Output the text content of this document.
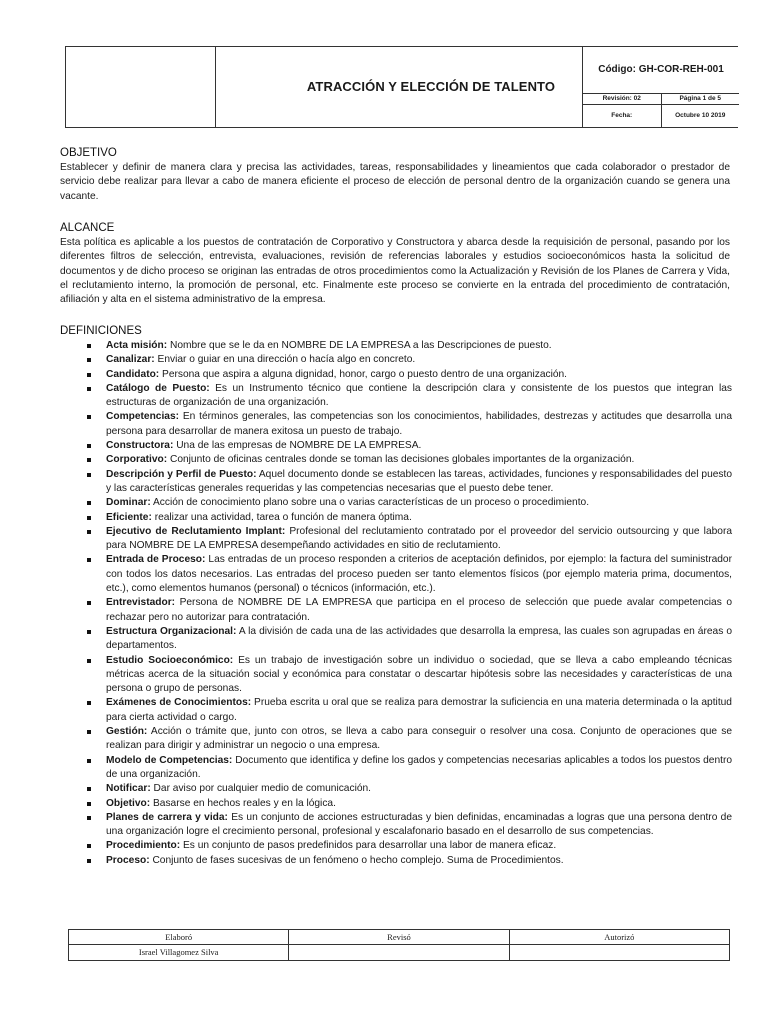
ATRACCIÓN Y ELECCIÓN DE TALENTO
Código: GH-COR-REH-001
Revisión: 02	Página 1 de 5
Fecha:	Octubre 10 2019
OBJETIVO
Establecer y definir de manera clara y precisa las actividades, tareas, responsabilidades y lineamientos que cada colaborador o prestador de servicio debe realizar para llevar a cabo de manera eficiente el proceso de elección de personal dentro de la organización cuando se genera una vacante.
ALCANCE
Esta política es aplicable a los puestos de contratación de Corporativo y Constructora y abarca desde la requisición de personal, pasando por los diferentes filtros de selección, entrevista, evaluaciones, revisión de referencias laborales y estudios socioeconómicos hasta la solicitud de documentos y de dicho proceso se originan las entradas de otros procedimientos como la Actualización y Revisión de los Planes de Carrera y Vida, el reclutamiento interno, la promoción de personal, etc. Finalmente este proceso se convierte en la entrada del procedimiento de contratación, afiliación y alta en el sistema administrativo de la empresa.
DEFINICIONES
Acta misión: Nombre que se le da en NOMBRE DE LA EMPRESA a las Descripciones de puesto.
Canalizar: Enviar o guiar en una dirección o hacía algo en concreto.
Candidato: Persona que aspira a alguna dignidad, honor, cargo o puesto dentro de una organización.
Catálogo de Puesto: Es un Instrumento técnico que contiene la descripción clara y consistente de los puestos que integran las estructuras de organización de una organización.
Competencias: En términos generales, las competencias son los conocimientos, habilidades, destrezas y actitudes que desarrolla una persona para desarrollar de manera exitosa un puesto de trabajo.
Constructora: Una de las empresas de NOMBRE DE LA EMPRESA.
Corporativo: Conjunto de oficinas centrales donde se toman las decisiones globales importantes de la organización.
Descripción y Perfil de Puesto: Aquel documento donde se establecen las tareas, actividades, funciones y responsabilidades del puesto y las características generales requeridas y las competencias necesarias que el puesto debe tener.
Dominar: Acción de conocimiento plano sobre una o varias características de un proceso o procedimiento.
Eficiente: realizar una actividad, tarea o función de manera óptima.
Ejecutivo de Reclutamiento Implant: Profesional del reclutamiento contratado por el proveedor del servicio outsourcing y que labora para NOMBRE DE LA EMPRESA desempeñando actividades en sitio de reclutamiento.
Entrada de Proceso: Las entradas de un proceso responden a criterios de aceptación definidos, por ejemplo: la factura del suministrador con todos los datos necesarios. Las entradas del proceso pueden ser tanto elementos físicos (por ejemplo materia prima, documentos, etc.), como elementos humanos (personal) o técnicos (información, etc.).
Entrevistador: Persona de NOMBRE DE LA EMPRESA que participa en el proceso de selección que puede avalar competencias o rechazar pero no autorizar para contratación.
Estructura Organizacional: A la división de cada una de las actividades que desarrolla la empresa, las cuales son agrupadas en áreas o departamentos.
Estudio Socioeconómico: Es un trabajo de investigación sobre un individuo o sociedad, que se lleva a cabo empleando técnicas métricas acerca de la situación social y económica para constatar o descartar hipótesis sobre las necesidades y características de una persona o grupo de personas.
Exámenes de Conocimientos: Prueba escrita u oral que se realiza para demostrar la suficiencia en una materia determinada o la aptitud para cierta actividad o cargo.
Gestión: Acción o trámite que, junto con otros, se lleva a cabo para conseguir o resolver una cosa. Conjunto de operaciones que se realizan para dirigir y administrar un negocio o una empresa.
Modelo de Competencias: Documento que identifica y define los gados y competencias necesarias aplicables a todos los puestos dentro de una organización.
Notificar: Dar aviso por cualquier medio de comunicación.
Objetivo: Basarse en hechos reales y en la lógica.
Planes de carrera y vida: Es un conjunto de acciones estructuradas y bien definidas, encaminadas a logras que una persona dentro de una organización logre el crecimiento personal, profesional y escalafonario basado en el desarrollo de sus competencias.
Procedimiento: Es un conjunto de pasos predefinidos para desarrollar una labor de manera eficaz.
Proceso: Conjunto de fases sucesivas de un fenómeno o hecho complejo. Suma de Procedimientos.
Elaboró	Revisó	Autorizó
Israel Villagomez Silva		
